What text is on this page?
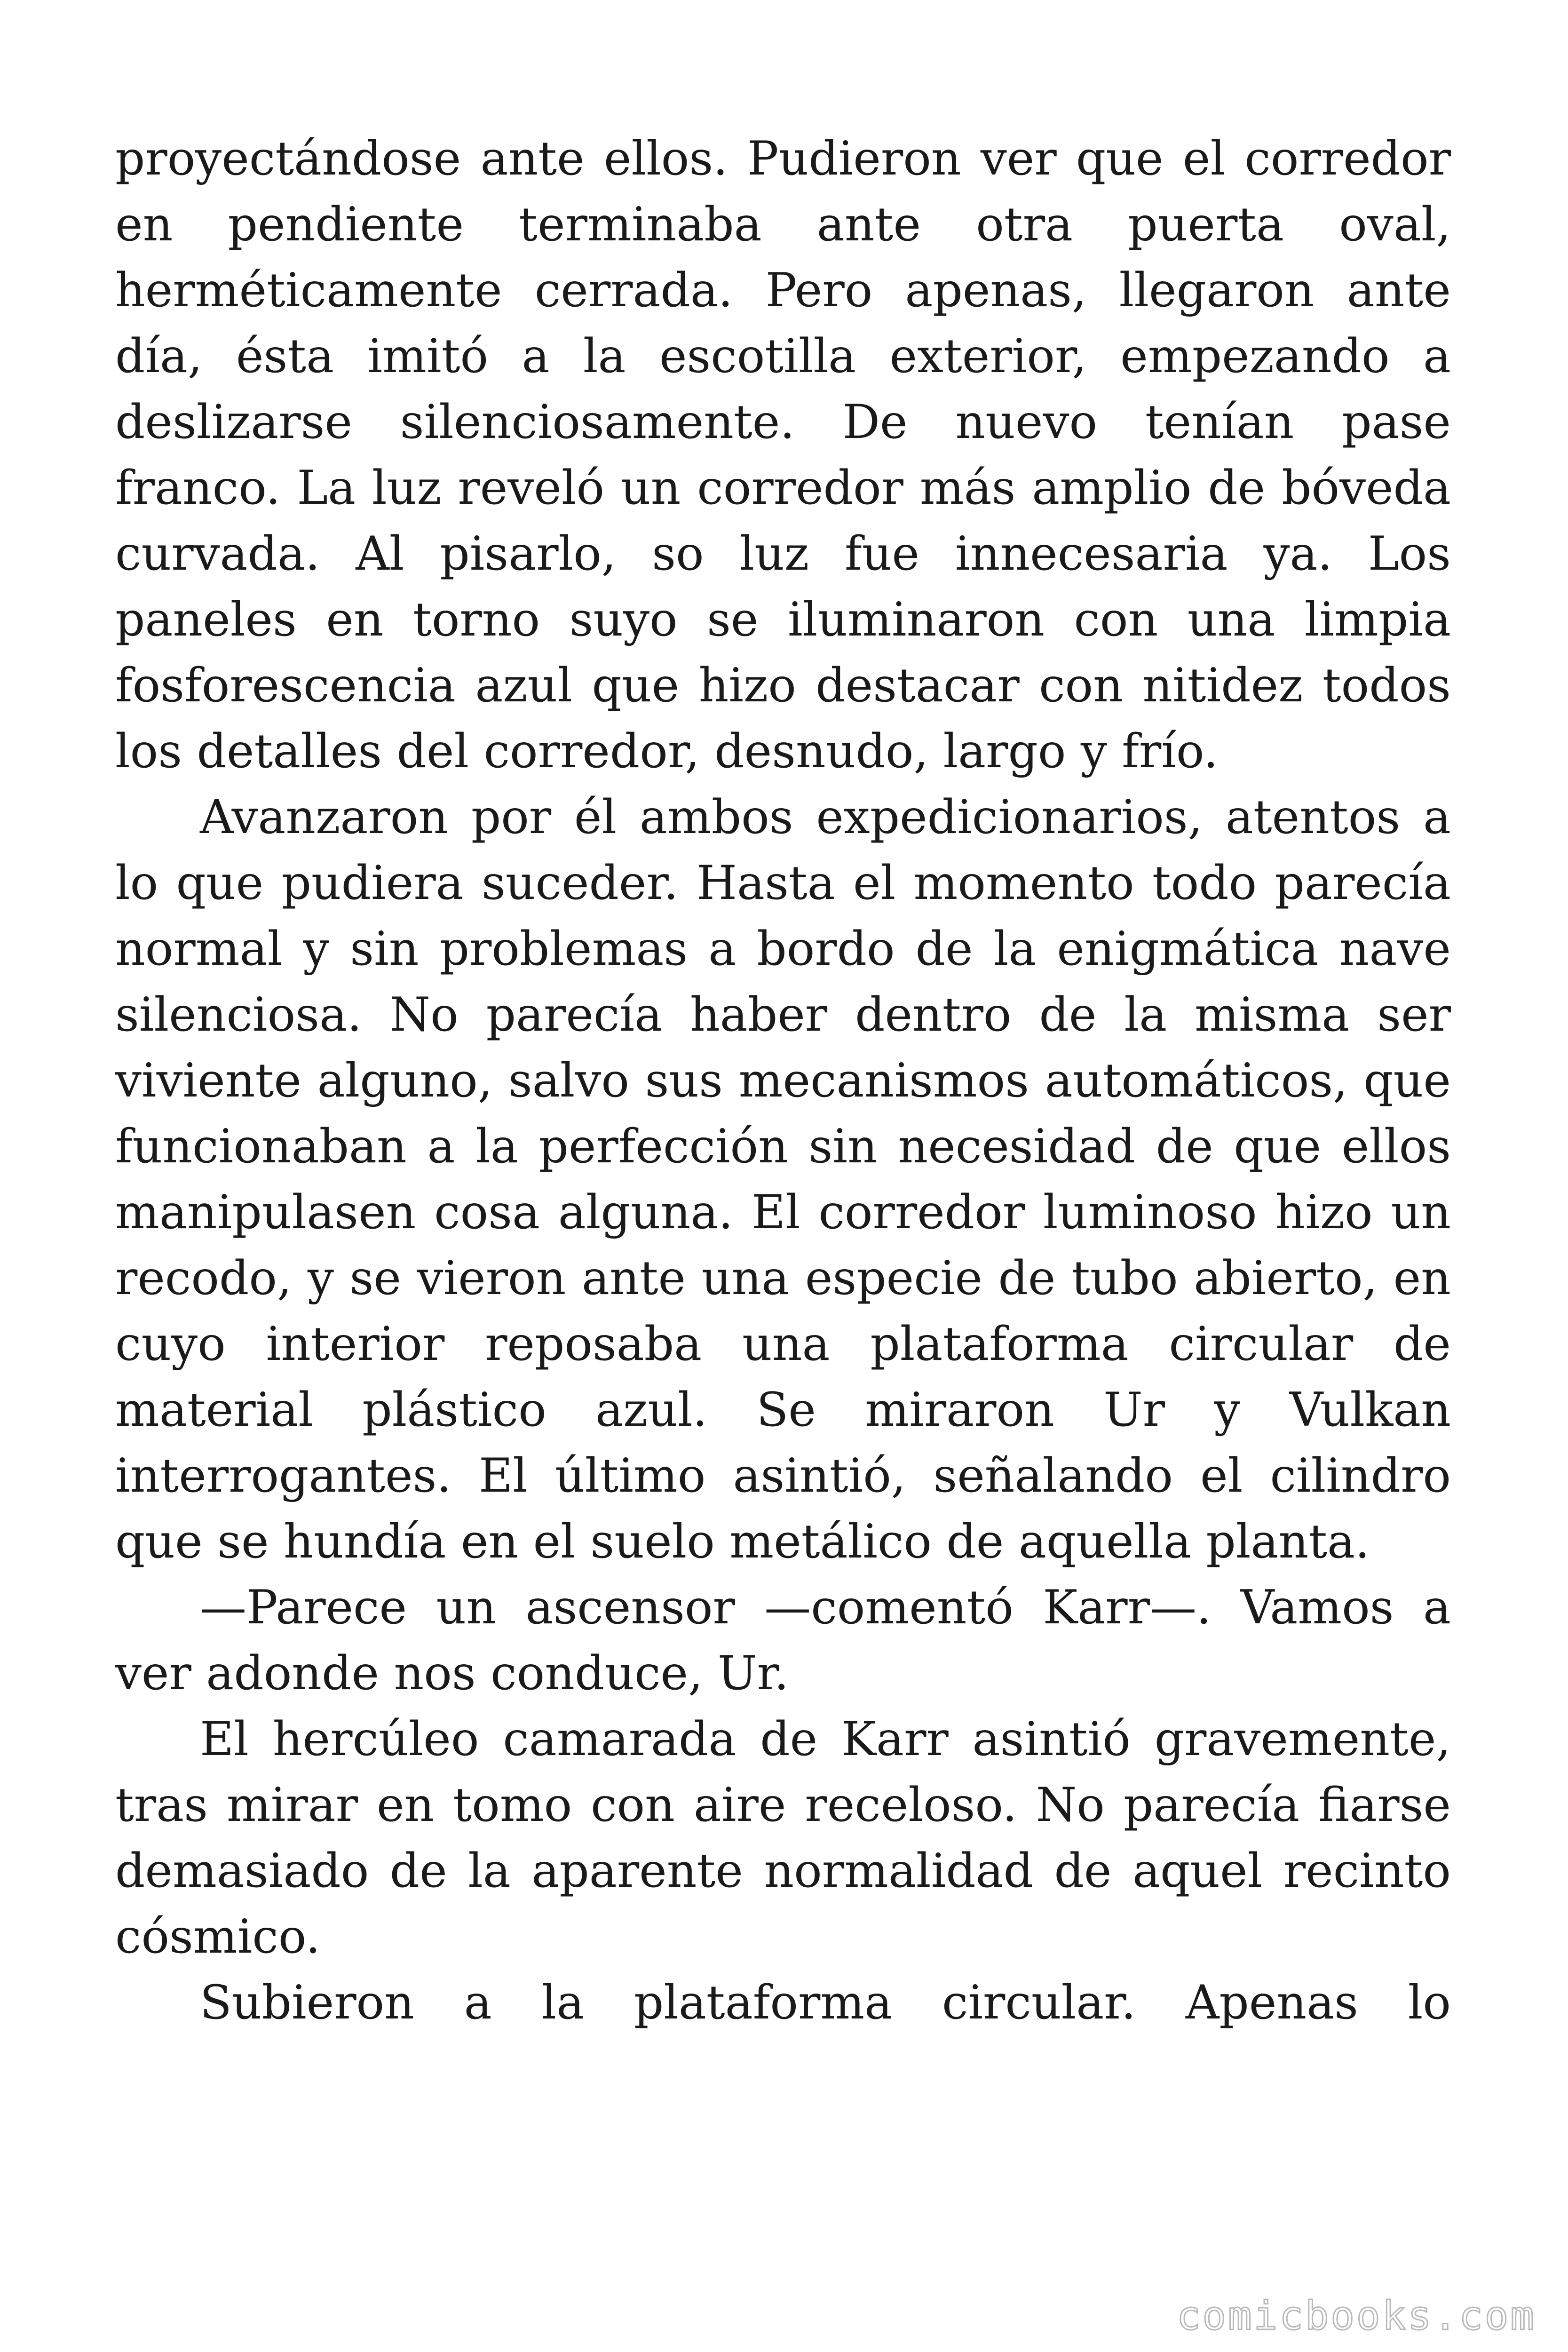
proyectándose ante ellos. Pudieron ver que el corredor en pendiente terminaba ante otra puerta oval, herméticamente cerrada. Pero apenas, llegaron ante día, ésta imitó a la escotilla exterior, empezando a deslizarse silenciosamente. De nuevo tenían pase franco. La luz reveló un corredor más amplio de bóveda curvada. Al pisarlo, so luz fue innecesaria ya. Los paneles en torno suyo se iluminaron con una limpia fosforescencia azul que hizo destacar con nitidez todos los detalles del corredor, desnudo, largo y frío.

Avanzaron por él ambos expedicionarios, atentos a lo que pudiera suceder. Hasta el momento todo parecía normal y sin problemas a bordo de la enigmática nave silenciosa. No parecía haber dentro de la misma ser viviente alguno, salvo sus mecanismos automáticos, que funcionaban a la perfección sin necesidad de que ellos manipulasen cosa alguna. El corredor luminoso hizo un recodo, y se vieron ante una especie de tubo abierto, en cuyo interior reposaba una plataforma circular de material plástico azul. Se miraron Ur y Vulkan interrogantes. El último asintió, señalando el cilindro que se hundía en el suelo metálico de aquella planta.

—Parece un ascensor —comentó Karr—. Vamos a ver adonde nos conduce, Ur.

El hercúleo camarada de Karr asintió gravemente, tras mirar en tomo con aire receloso. No parecía fiarse demasiado de la aparente normalidad de aquel recinto cósmico.

Subieron a la plataforma circular. Apenas lo

comicbooks.com
